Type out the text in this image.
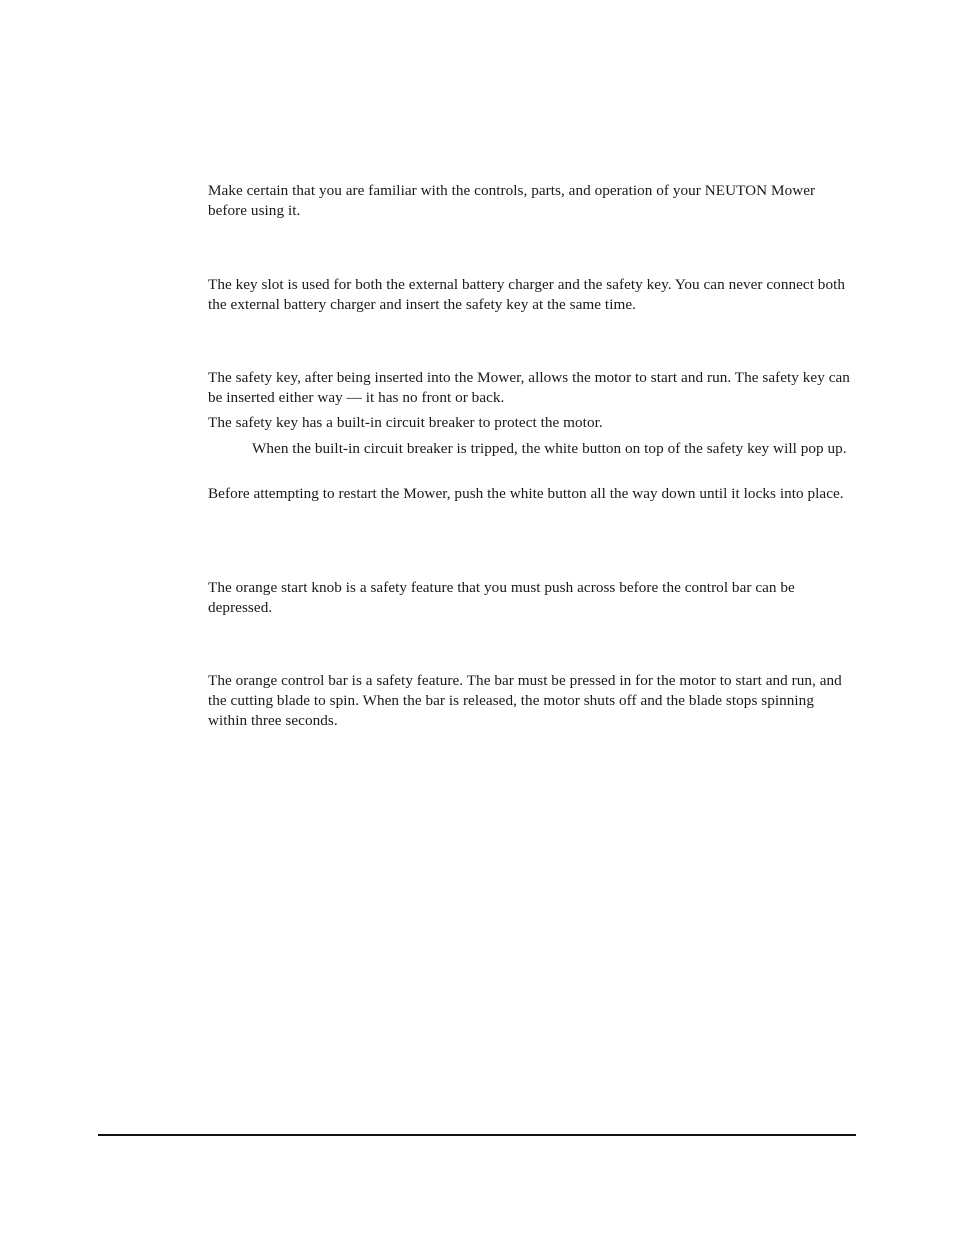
Make certain that you are familiar with the controls, parts, and operation of your NEUTON Mower before using it.

The key slot is used for both the external battery charger and the safety key. You can never connect both the external battery charger and insert the safety key at the same time.

The safety key, after being inserted into the Mower, allows the motor to start and run. The safety key can be inserted either way — it has no front or back.

The safety key has a built-in circuit breaker to protect the motor.

When the built-in circuit breaker is tripped, the white button on top of the safety key will pop up.

Before attempting to restart the Mower, push the white button all the way down until it locks into place.

The orange start knob is a safety feature that you must push across before the control bar can be depressed.

The orange control bar is a safety feature. The bar must be pressed in for the motor to start and run, and the cutting blade to spin. When the bar is released, the motor shuts off and the blade stops spinning within three seconds.
